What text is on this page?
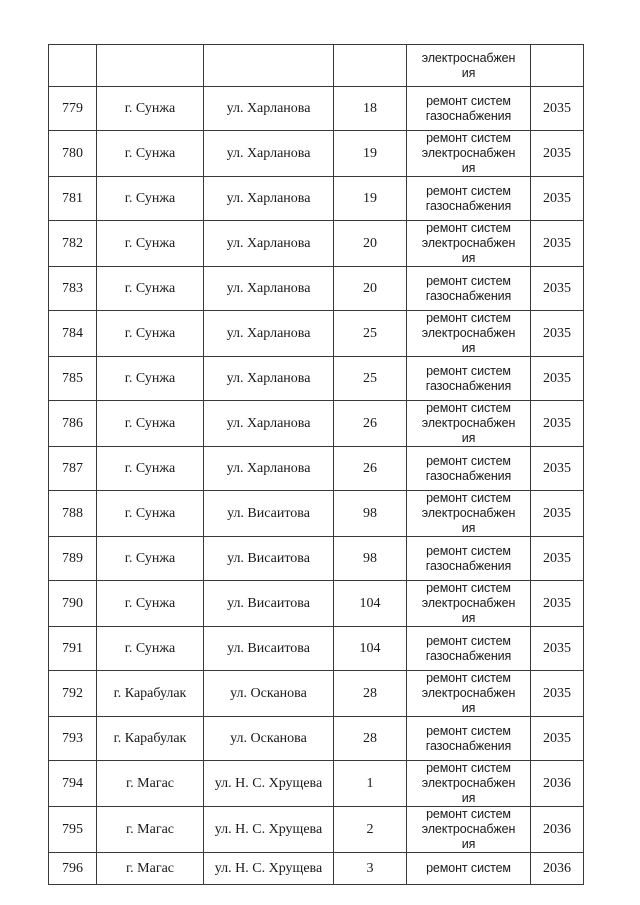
				электроснабжен
ия	

779	г. Сунжа	ул. Харланова	18	ремонт систем
газоснабжения	2035
780	г. Сунжа	ул. Харланова	19	ремонт систем
электроснабжен
ия	2035
781	г. Сунжа	ул. Харланова	19	ремонт систем
газоснабжения	2035
782	г. Сунжа	ул. Харланова	20	ремонт систем
электроснабжен
ия	2035
783	г. Сунжа	ул. Харланова	20	ремонт систем
газоснабжения	2035
784	г. Сунжа	ул. Харланова	25	ремонт систем
электроснабжен
ия	2035
785	г. Сунжа	ул. Харланова	25	ремонт систем
газоснабжения	2035
786	г. Сунжа	ул. Харланова	26	ремонт систем
электроснабжен
ия	2035
787	г. Сунжа	ул. Харланова	26	ремонт систем
газоснабжения	2035
788	г. Сунжа	ул. Висаитова	98	ремонт систем
электроснабжен
ия	2035
789	г. Сунжа	ул. Висаитова	98	ремонт систем
газоснабжения	2035
790	г. Сунжа	ул. Висаитова	104	ремонт систем
электроснабжен
ия	2035
791	г. Сунжа	ул. Висаитова	104	ремонт систем
газоснабжения	2035
792	г. Карабулак	ул. Осканова	28	ремонт систем
электроснабжен
ия	2035
793	г. Карабулак	ул. Осканова	28	ремонт систем
газоснабжения	2035
794	г. Магас	ул. Н. С. Хрущева	1	ремонт систем
электроснабжен
ия	2036
795	г. Магас	ул. Н. С. Хрущева	2	ремонт систем
электроснабжен
ия	2036
796	г. Магас	ул. Н. С. Хрущева	3	ремонт систем	2036
